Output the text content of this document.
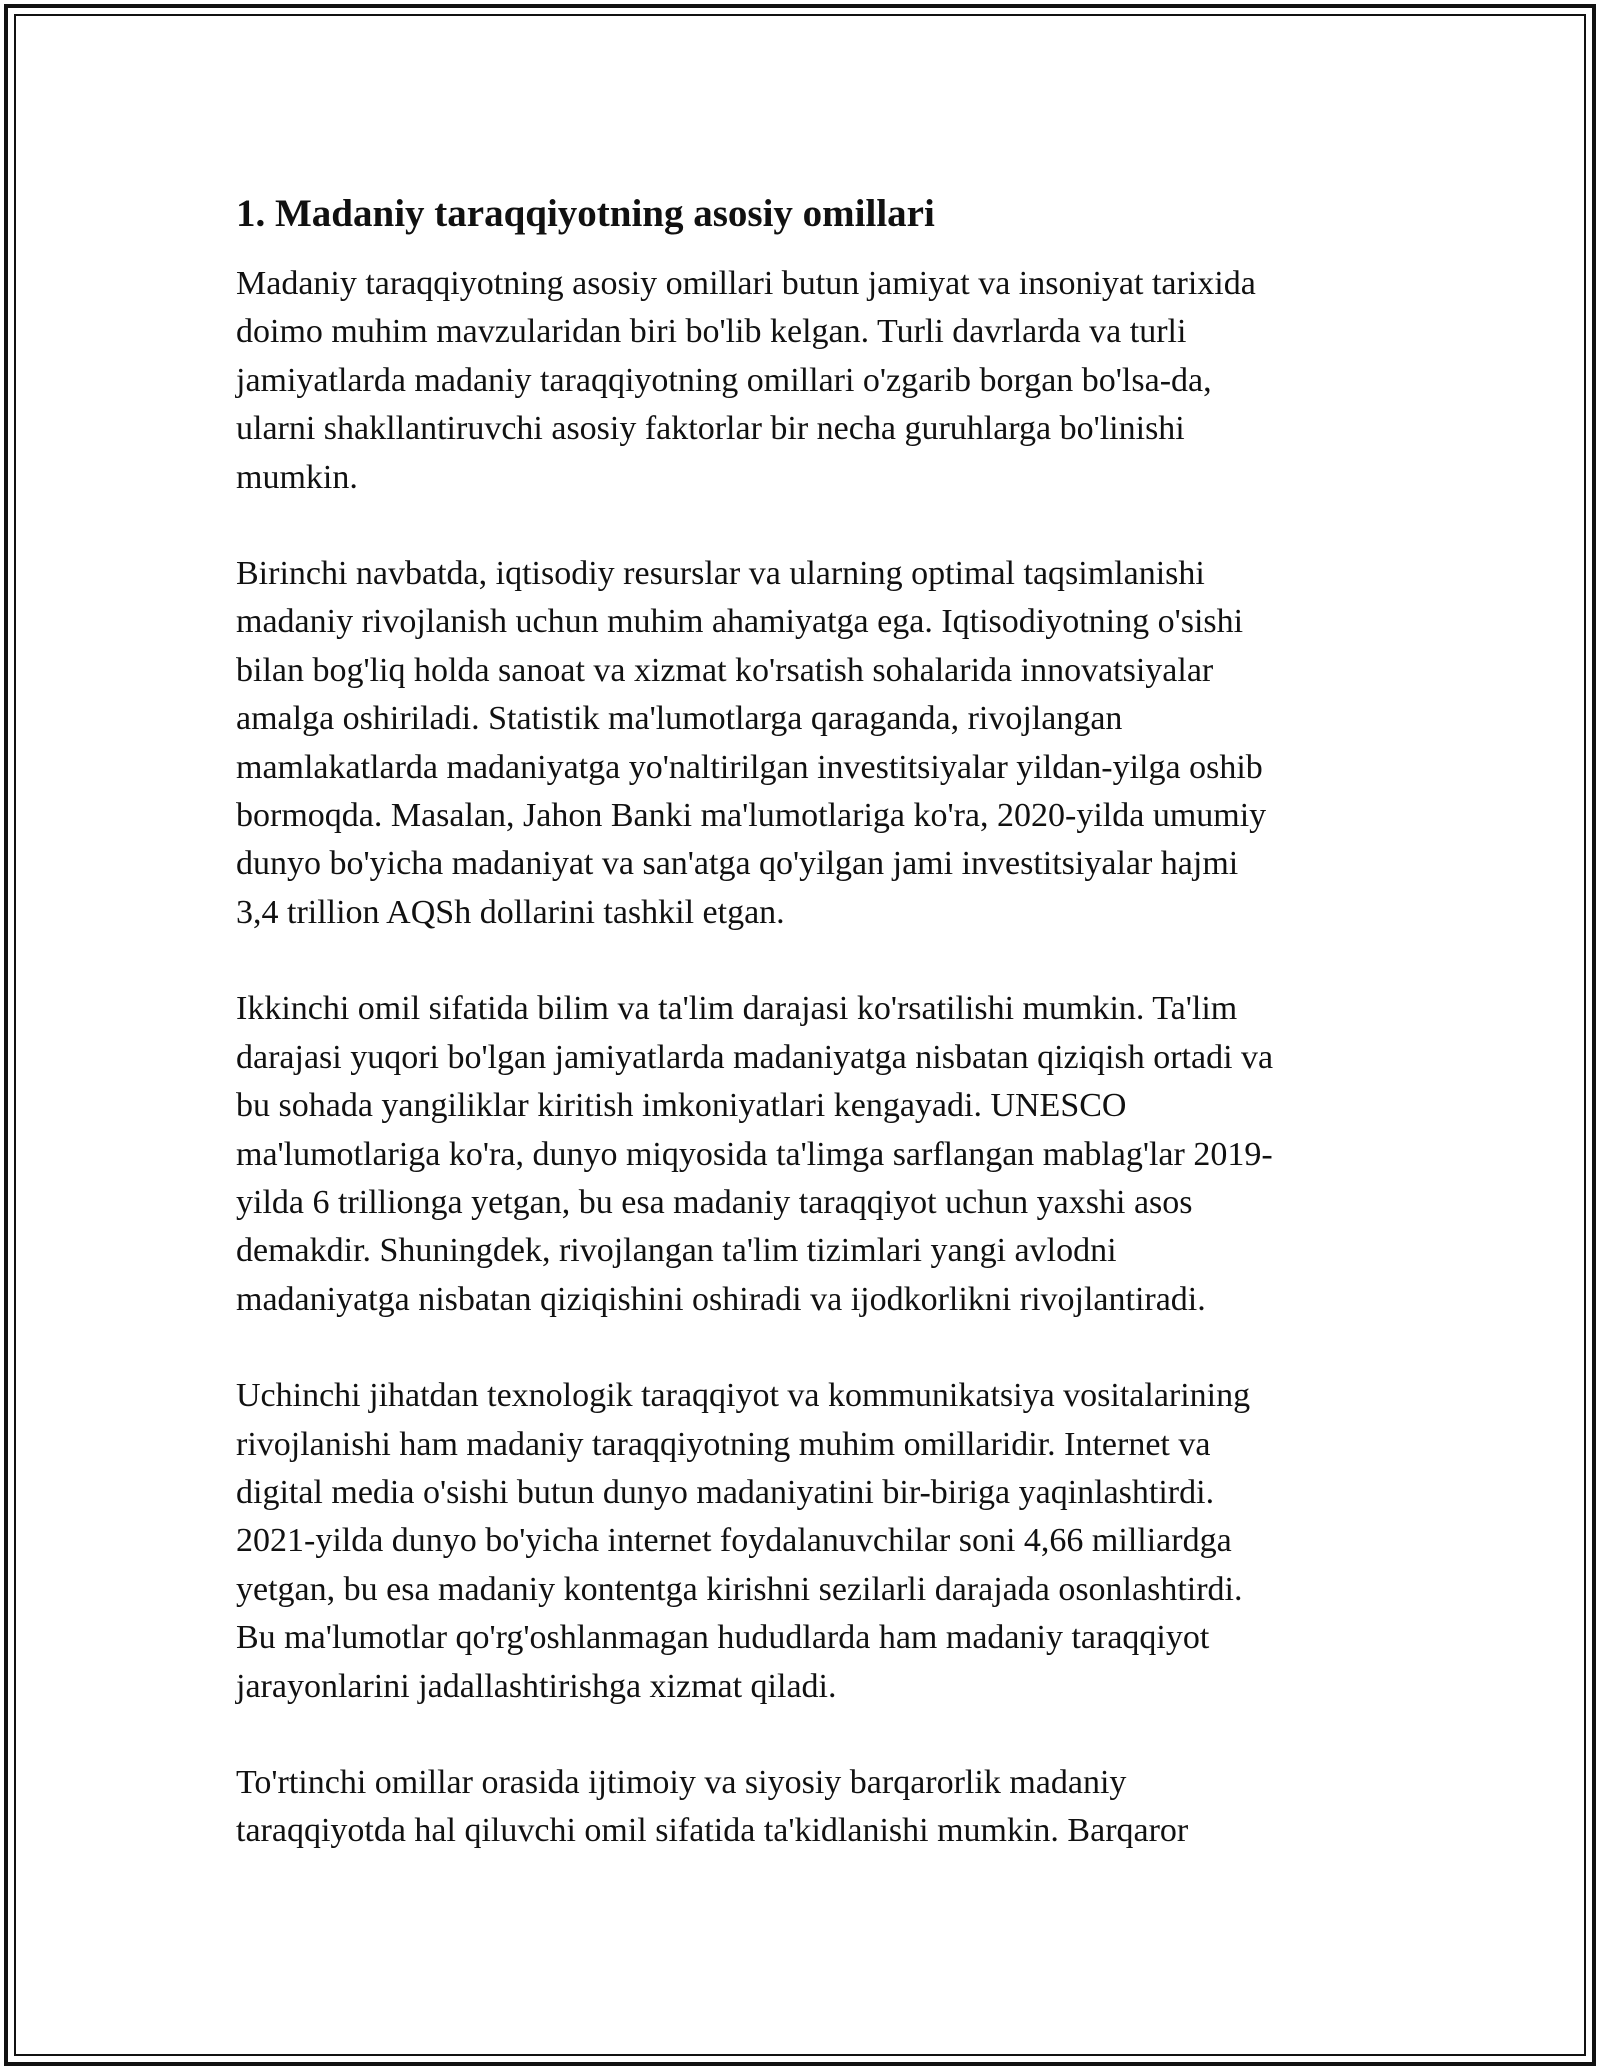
1. Madaniy taraqqiyotning asosiy omillari

Madaniy taraqqiyotning asosiy omillari butun jamiyat va insoniyat tarixida
doimo muhim mavzularidan biri bo'lib kelgan. Turli davrlarda va turli
jamiyatlarda madaniy taraqqiyotning omillari o'zgarib borgan bo'lsa-da,
ularni shakllantiruvchi asosiy faktorlar bir necha guruhlarga bo'linishi
mumkin.

Birinchi navbatda, iqtisodiy resurslar va ularning optimal taqsimlanishi
madaniy rivojlanish uchun muhim ahamiyatga ega. Iqtisodiyotning o'sishi
bilan bog'liq holda sanoat va xizmat ko'rsatish sohalarida innovatsiyalar
amalga oshiriladi. Statistik ma'lumotlarga qaraganda, rivojlangan
mamlakatlarda madaniyatga yo'naltirilgan investitsiyalar yildan-yilga oshib
bormoqda. Masalan, Jahon Banki ma'lumotlariga ko'ra, 2020-yilda umumiy
dunyo bo'yicha madaniyat va san'atga qo'yilgan jami investitsiyalar hajmi
3,4 trillion AQSh dollarini tashkil etgan.

Ikkinchi omil sifatida bilim va ta'lim darajasi ko'rsatilishi mumkin. Ta'lim
darajasi yuqori bo'lgan jamiyatlarda madaniyatga nisbatan qiziqish ortadi va
bu sohada yangiliklar kiritish imkoniyatlari kengayadi. UNESCO
ma'lumotlariga ko'ra, dunyo miqyosida ta'limga sarflangan mablag'lar 2019-
yilda 6 trillionga yetgan, bu esa madaniy taraqqiyot uchun yaxshi asos
demakdir. Shuningdek, rivojlangan ta'lim tizimlari yangi avlodni
madaniyatga nisbatan qiziqishini oshiradi va ijodkorlikni rivojlantiradi.

Uchinchi jihatdan texnologik taraqqiyot va kommunikatsiya vositalarining
rivojlanishi ham madaniy taraqqiyotning muhim omillaridir. Internet va
digital media o'sishi butun dunyo madaniyatini bir-biriga yaqinlashtirdi.
2021-yilda dunyo bo'yicha internet foydalanuvchilar soni 4,66 milliardga
yetgan, bu esa madaniy kontentga kirishni sezilarli darajada osonlashtirdi.
Bu ma'lumotlar qo'rg'oshlanmagan hududlarda ham madaniy taraqqiyot
jarayonlarini jadallashtirishga xizmat qiladi.

To'rtinchi omillar orasida ijtimoiy va siyosiy barqarorlik madaniy
taraqqiyotda hal qiluvchi omil sifatida ta'kidlanishi mumkin. Barqaror
